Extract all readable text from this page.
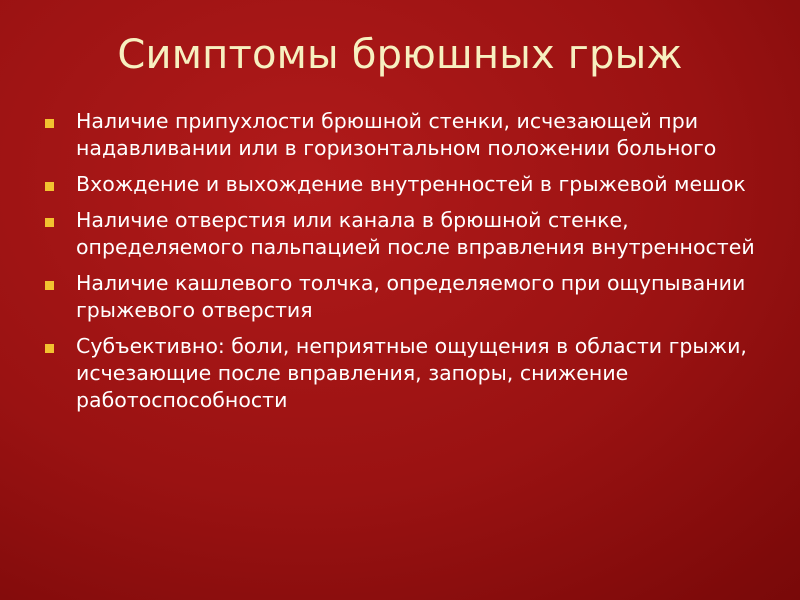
Симптомы брюшных грыж
Наличие припухлости брюшной стенки, исчезающей при надавливании или в горизонтальном положении больного
Вхождение и выхождение внутренностей в грыжевой мешок
Наличие отверстия или канала в брюшной стенке, определяемого пальпацией после вправления внутренностей
Наличие кашлевого толчка, определяемого при ощупывании грыжевого отверстия
Субъективно: боли, неприятные ощущения в области грыжи, исчезающие после вправления, запоры, снижение работоспособности
